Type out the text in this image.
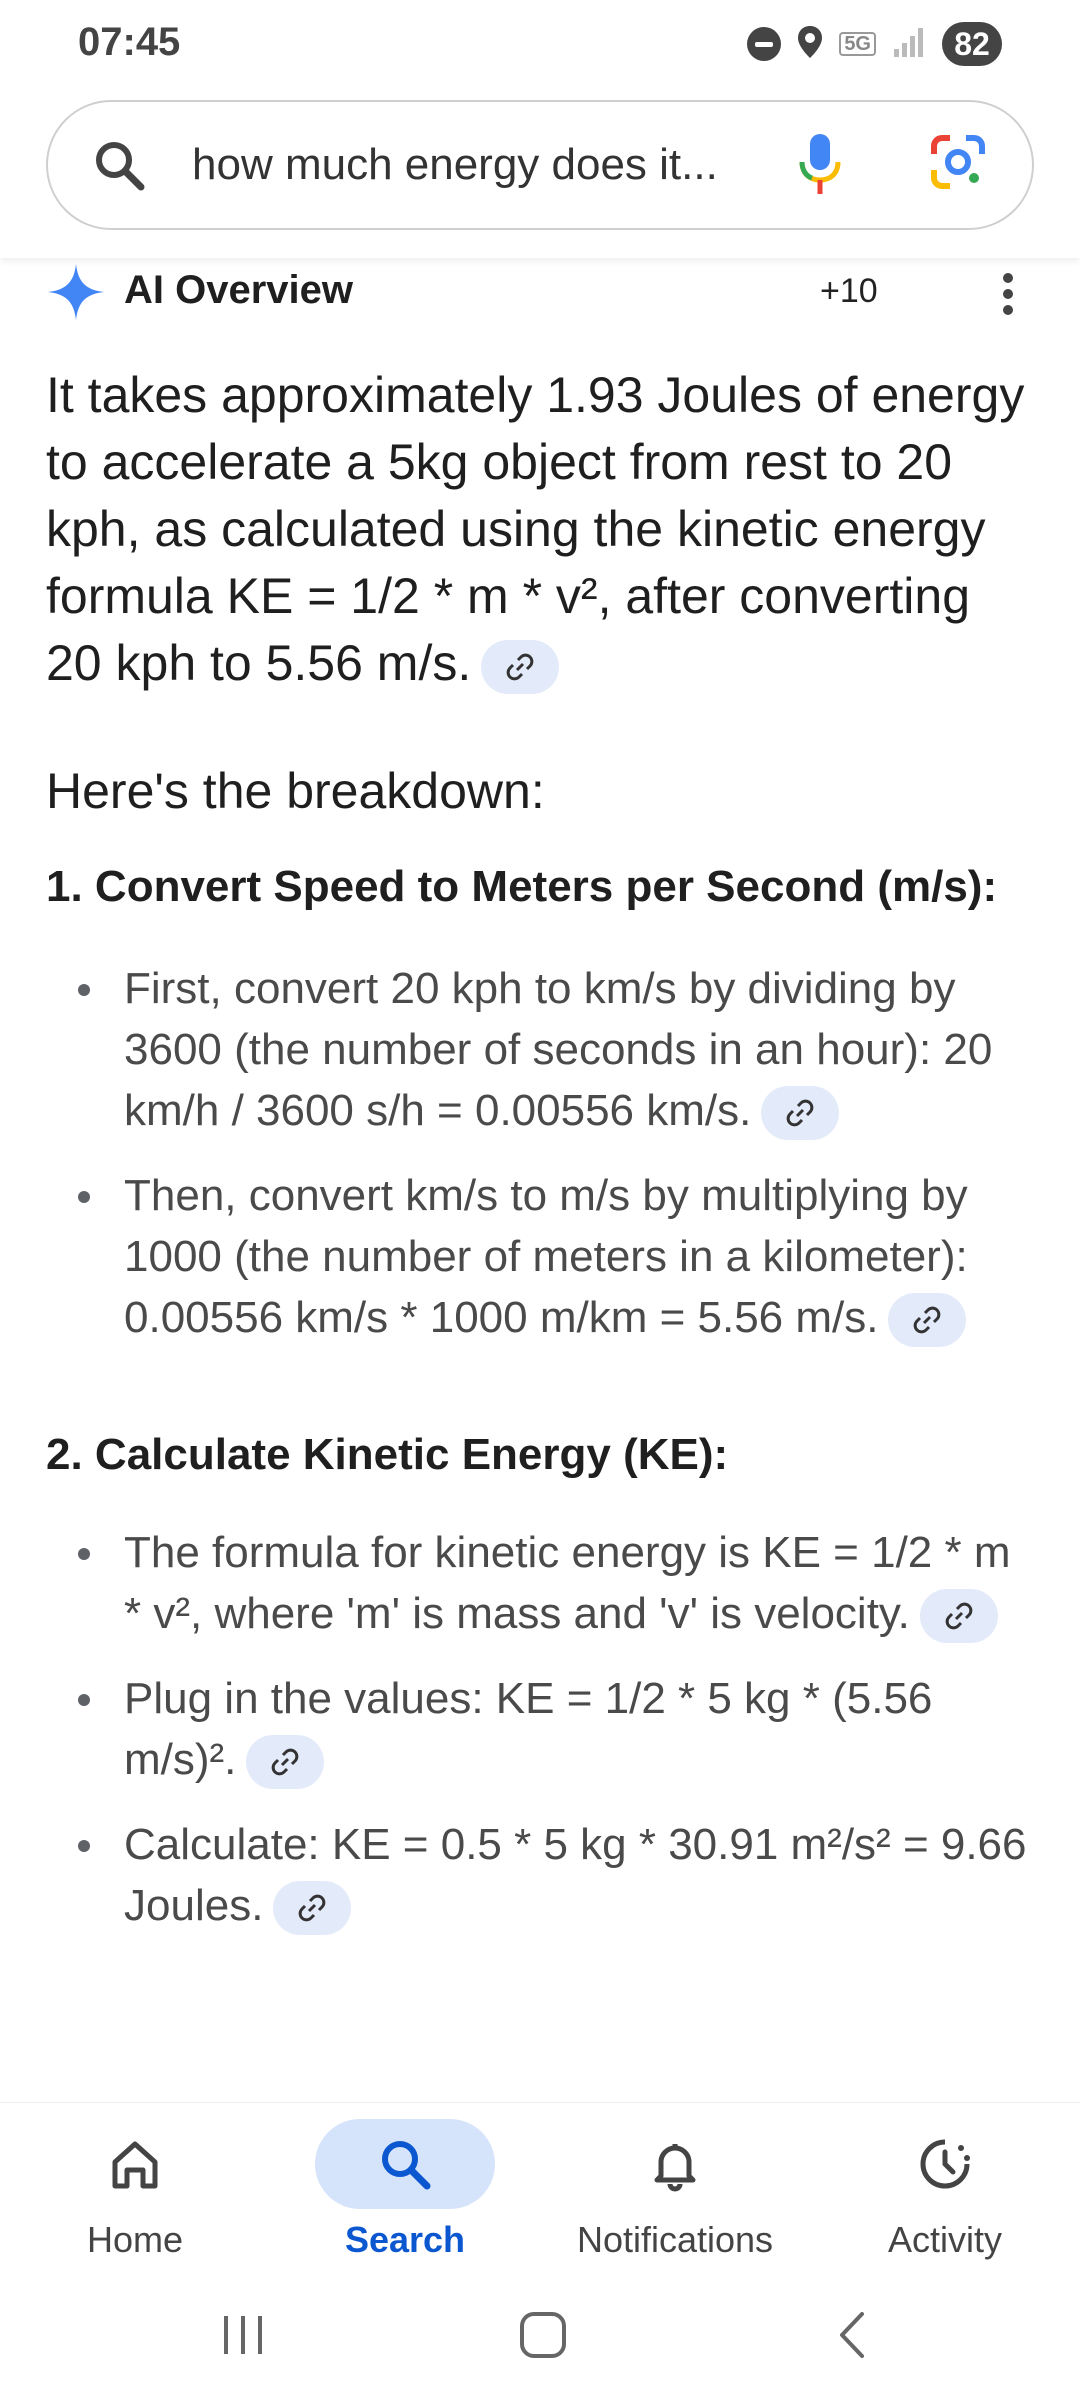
07:45	5G	82
how much energy does it...
AI Overview	+10
It takes approximately 1.93 Joules of energy to accelerate a 5kg object from rest to 20 kph, as calculated using the kinetic energy formula KE = 1/2 * m * v², after converting 20 kph to 5.56 m/s.
Here's the breakdown:
1. Convert Speed to Meters per Second (m/s):
First, convert 20 kph to km/s by dividing by 3600 (the number of seconds in an hour): 20 km/h / 3600 s/h = 0.00556 km/s.
Then, convert km/s to m/s by multiplying by 1000 (the number of meters in a kilometer): 0.00556 km/s * 1000 m/km = 5.56 m/s.
2. Calculate Kinetic Energy (KE):
The formula for kinetic energy is KE = 1/2 * m * v², where 'm' is mass and 'v' is velocity.
Plug in the values: KE = 1/2 * 5 kg * (5.56 m/s)².
Calculate: KE = 0.5 * 5 kg * 30.91 m²/s² = 9.66 Joules.
Home	Search	Notifications	Activity
